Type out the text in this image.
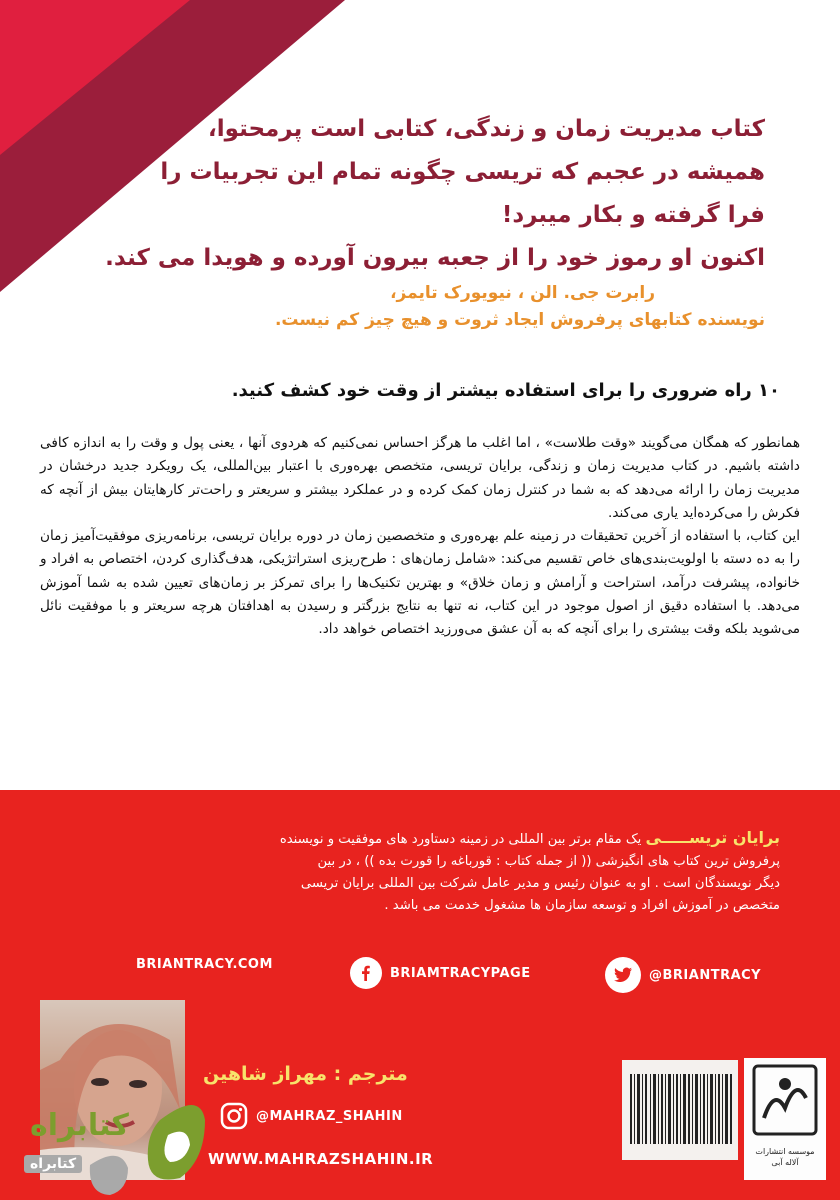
کتاب مدیریت زمان و زندگی، کتابی است پرمحتوا،

همیشه در عجبم که تریسی چگونه تمام این تجربیات را

فرا گرفته و بکار میبرد!

اکنون او رموز خود را از جعبه بیرون آورده و هویدا می کند.

رابرت جی. الن ، نیویورک تایمز،

نویسنده کتابهای پرفروش ایجاد ثروت و هیچ چیز کم نیست.

۱۰ راه ضروری را برای استفاده بیشتر از وقت خود کشف کنید.

همانطور که همگان می‌گویند «وقت طلاست» ، اما اغلب ما هرگز احساس نمی‌کنیم که هردوی آنها ، یعنی پول و وقت را به اندازه کافی داشته باشیم. در کتاب مدیریت زمان و زندگی، برایان تریسی، متخصص بهره‌وری با اعتبار بین‌المللی، یک رویکرد جدید درخشان در مدیریت زمان را ارائه می‌دهد که به شما در کنترل زمان کمک کرده و در عملکرد بیشتر و سریعتر و راحت‌تر کارهایتان بیش از آنچه که فکرش را می‌کرده‌اید یاری می‌کند.

این کتاب، با استفاده از آخرین تحقیقات در زمینه علم بهره‌وری و متخصصین زمان در دوره برایان تریسی، برنامه‌ریزی موفقیت‌آمیز زمان را به ده دسته با اولویت‌بندی‌های خاص تقسیم می‌کند: «شامل زمان‌های : طرح‌ریزی استراتژیکی، هدف‌گذاری کردن، اختصاص به افراد و خانواده، پیشرفت درآمد، استراحت و آرامش و زمان خلاق» و بهترین تکنیک‌ها را برای تمرکز بر زمان‌های تعیین شده به شما آموزش می‌دهد. با استفاده دقیق از اصول موجود در این کتاب، نه تنها به نتایج بزرگتر و رسیدن به اهدافتان هرچه سریعتر و با موفقیت نائل می‌شوید بلکه وقت بیشتری را برای آنچه که به آن عشق می‌ورزید اختصاص خواهد داد.

برایان تریســـــی یک مقام برتر بین المللی در زمینه دستاورد های موفقیت و نویسنده

پرفروش ترین کتاب های انگیزشی (( از جمله کتاب : قورباغه را قورت بده )) ، در بین

دیگر نویسندگان است . او به عنوان رئیس و مدیر عامل شرکت بین المللی برایان تریسی

متخصص در آموزش افراد و توسعه سازمان ها مشغول خدمت می باشد .

BRIANTRACY.COM
BRIAMTRACYPAGE	@BRIANTRACY
مترجم : مهراز شاهین
@MAHRAZ_SHAHIN
WWW.MAHRAZSHAHIN.IR	موسسه انتشارات آلاله آبی
کتابراه
کتابراه
